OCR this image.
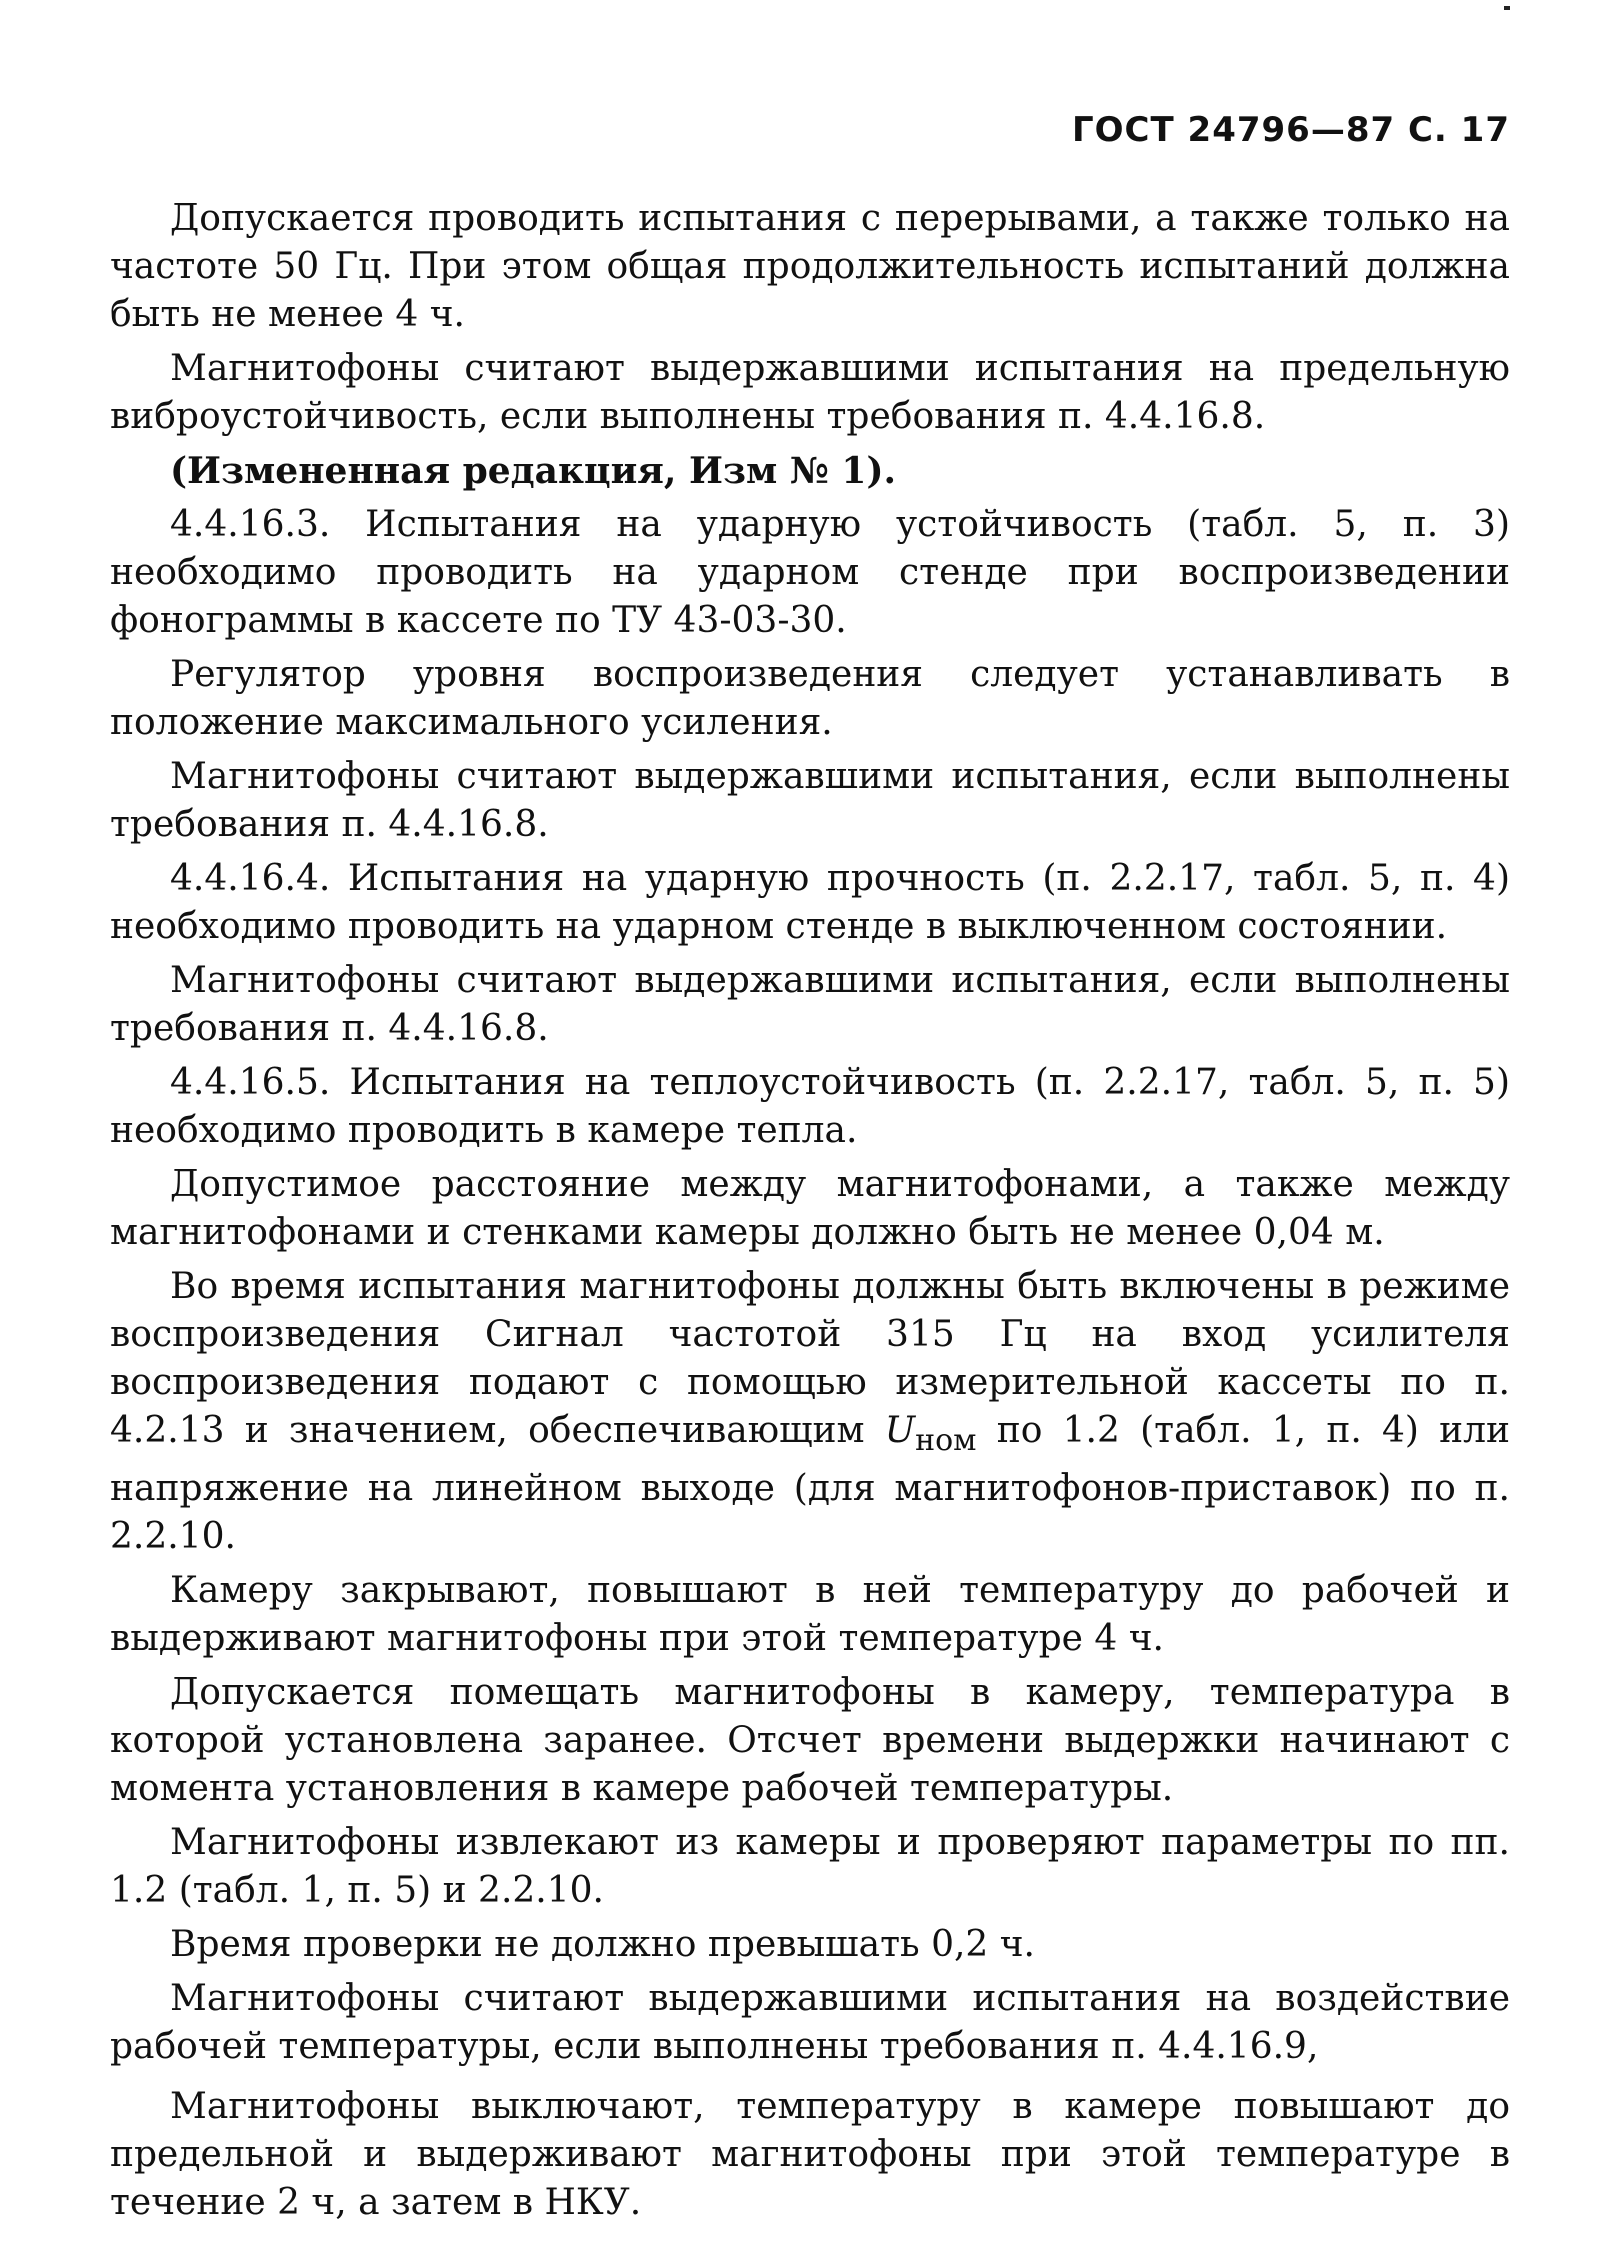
ГОСТ 24796—87 С. 17

Допускается проводить испытания с перерывами, а также только на частоте 50 Гц. При этом общая продолжительность испытаний должна быть не менее 4 ч.

Магнитофоны считают выдержавшими испытания на предельную виброустойчивость, если выполнены требования п. 4.4.16.8.

(Измененная редакция, Изм № 1).

4.4.16.3. Испытания на ударную устойчивость (табл. 5, п. 3) необходимо проводить на ударном стенде при воспроизведении фонограммы в кассете по ТУ 43-03-30.

Регулятор уровня воспроизведения следует устанавливать в положение максимального усиления.

Магнитофоны считают выдержавшими испытания, если выполнены требования п. 4.4.16.8.

4.4.16.4. Испытания на ударную прочность (п. 2.2.17, табл. 5, п. 4) необходимо проводить на ударном стенде в выключенном состоянии.

Магнитофоны считают выдержавшими испытания, если выполнены требования п. 4.4.16.8.

4.4.16.5. Испытания на теплоустойчивость (п. 2.2.17, табл. 5, п. 5) необходимо проводить в камере тепла.

Допустимое расстояние между магнитофонами, а также между магнитофонами и стенками камеры должно быть не менее 0,04 м.

Во время испытания магнитофоны должны быть включены в режиме воспроизведения Сигнал частотой 315 Гц на вход усилителя воспроизведения подают с помощью измерительной кассеты по п. 4.2.13 и значением, обеспечивающим $U_{ном}$ по 1.2 (табл. 1, п. 4) или напряжение на линейном выходе (для магнитофонов-приставок) по п. 2.2.10.

Камеру закрывают, повышают в ней температуру до рабочей и выдерживают магнитофоны при этой температуре 4 ч.

Допускается помещать магнитофоны в камеру, температура в которой установлена заранее. Отсчет времени выдержки начинают с момента установления в камере рабочей температуры.

Магнитофоны извлекают из камеры и проверяют параметры по пп. 1.2 (табл. 1, п. 5) и 2.2.10.

Время проверки не должно превышать 0,2 ч.

Магнитофоны считают выдержавшими испытания на воздействие рабочей температуры, если выполнены требования п. 4.4.16.9,

Магнитофоны выключают, температуру в камере повышают до предельной и выдерживают магнитофоны при этой температуре в течение 2 ч, а затем в НКУ.
